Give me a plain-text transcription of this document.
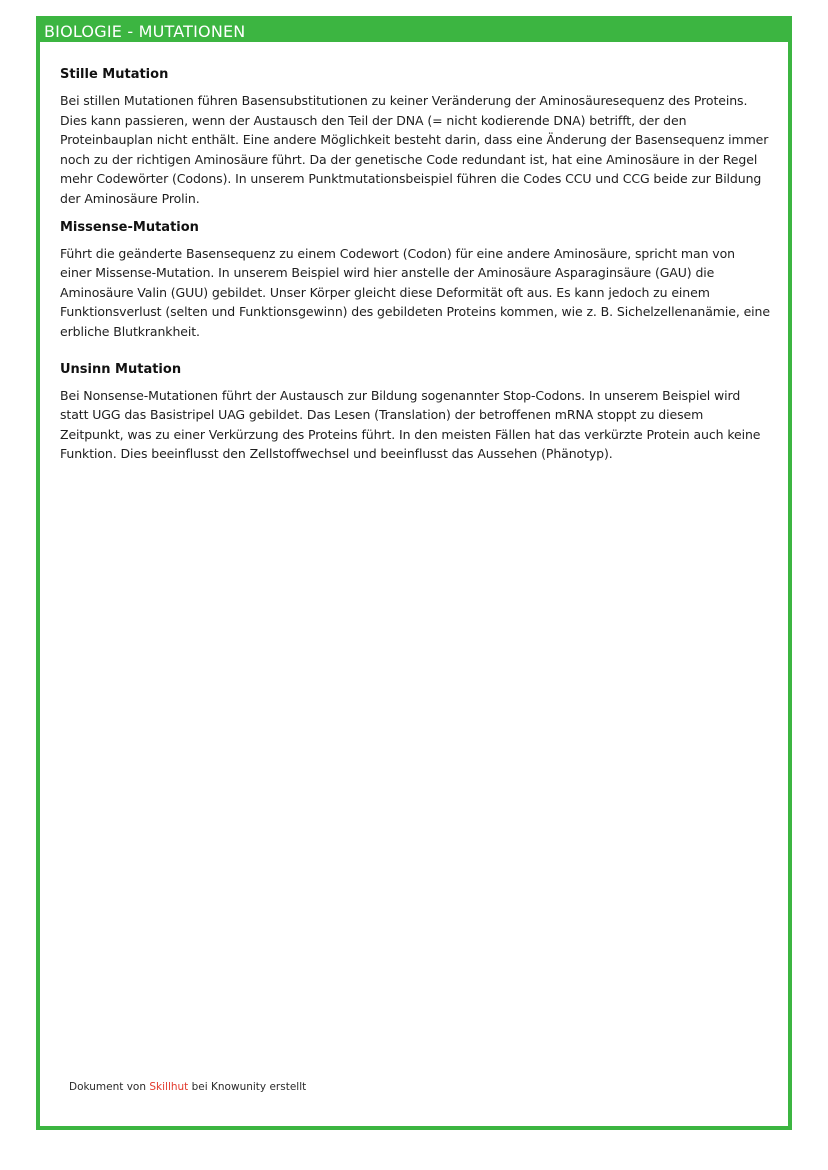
BIOLOGIE - MUTATIONEN
Stille Mutation

Bei stillen Mutationen führen Basensubstitutionen zu keiner Veränderung der Aminosäuresequenz des Proteins. Dies kann passieren, wenn der Austausch den Teil der DNA (= nicht kodierende DNA) betrifft, der den Proteinbauplan nicht enthält. Eine andere Möglichkeit besteht darin, dass eine Änderung der Basensequenz immer noch zu der richtigen Aminosäure führt. Da der genetische Code redundant ist, hat eine Aminosäure in der Regel mehr Codewörter (Codons). In unserem Punktmutationsbeispiel führen die Codes CCU und CCG beide zur Bildung der Aminosäure Prolin.

Missense-Mutation

Führt die geänderte Basensequenz zu einem Codewort (Codon) für eine andere Aminosäure, spricht man von einer Missense-Mutation. In unserem Beispiel wird hier anstelle der Aminosäure Asparaginsäure (GAU) die Aminosäure Valin (GUU) gebildet. Unser Körper gleicht diese Deformität oft aus. Es kann jedoch zu einem Funktionsverlust (selten und Funktionsgewinn) des gebildeten Proteins kommen, wie z. B. Sichelzellenanämie, eine erbliche Blutkrankheit.

Unsinn Mutation

Bei Nonsense-Mutationen führt der Austausch zur Bildung sogenannter Stop-Codons. In unserem Beispiel wird statt UGG das Basistripel UAG gebildet. Das Lesen (Translation) der betroffenen mRNA stoppt zu diesem Zeitpunkt, was zu einer Verkürzung des Proteins führt. In den meisten Fällen hat das verkürzte Protein auch keine Funktion. Dies beeinflusst den Zellstoffwechsel und beeinflusst das Aussehen (Phänotyp).

Dokument von Skillhut bei Knowunity erstellt
